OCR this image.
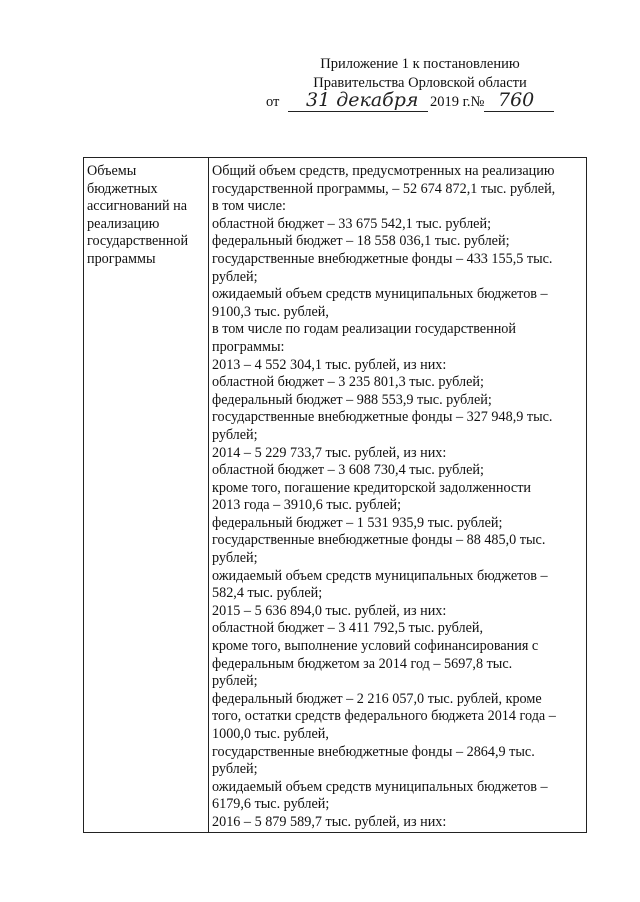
Приложение 1 к постановлению
Правительства Орловской области
от 31 декабря 2019 г.№ 760
Объемы
бюджетных
ассигнований на
реализацию
государственной
программы

Общий объем средств, предусмотренных на реализацию
государственной программы, – 52 674 872,1 тыс. рублей,
в том числе:
областной бюджет – 33 675 542,1 тыс. рублей;
федеральный бюджет – 18 558 036,1 тыс. рублей;
государственные внебюджетные фонды – 433 155,5 тыс.
рублей;
ожидаемый объем средств муниципальных бюджетов –
9100,3 тыс. рублей,
в том числе по годам реализации государственной
программы:
2013 – 4 552 304,1 тыс. рублей, из них:
областной бюджет – 3 235 801,3 тыс. рублей;
федеральный бюджет – 988 553,9 тыс. рублей;
государственные внебюджетные фонды – 327 948,9 тыс.
рублей;
2014 – 5 229 733,7 тыс. рублей, из них:
областной бюджет – 3 608 730,4 тыс. рублей;
кроме того, погашение кредиторской задолженности
2013 года – 3910,6 тыс. рублей;
федеральный бюджет – 1 531 935,9 тыс. рублей;
государственные внебюджетные фонды – 88 485,0 тыс.
рублей;
ожидаемый объем средств муниципальных бюджетов –
582,4 тыс. рублей;
2015 – 5 636 894,0 тыс. рублей, из них:
областной бюджет – 3 411 792,5 тыс. рублей,
кроме того, выполнение условий софинансирования с
федеральным бюджетом за 2014 год – 5697,8 тыс.
рублей;
федеральный бюджет – 2 216 057,0 тыс. рублей, кроме
того, остатки средств федерального бюджета 2014 года –
1000,0 тыс. рублей,
государственные внебюджетные фонды – 2864,9 тыс.
рублей;
ожидаемый объем средств муниципальных бюджетов –
6179,6 тыс. рублей;
2016 – 5 879 589,7 тыс. рублей, из них:
